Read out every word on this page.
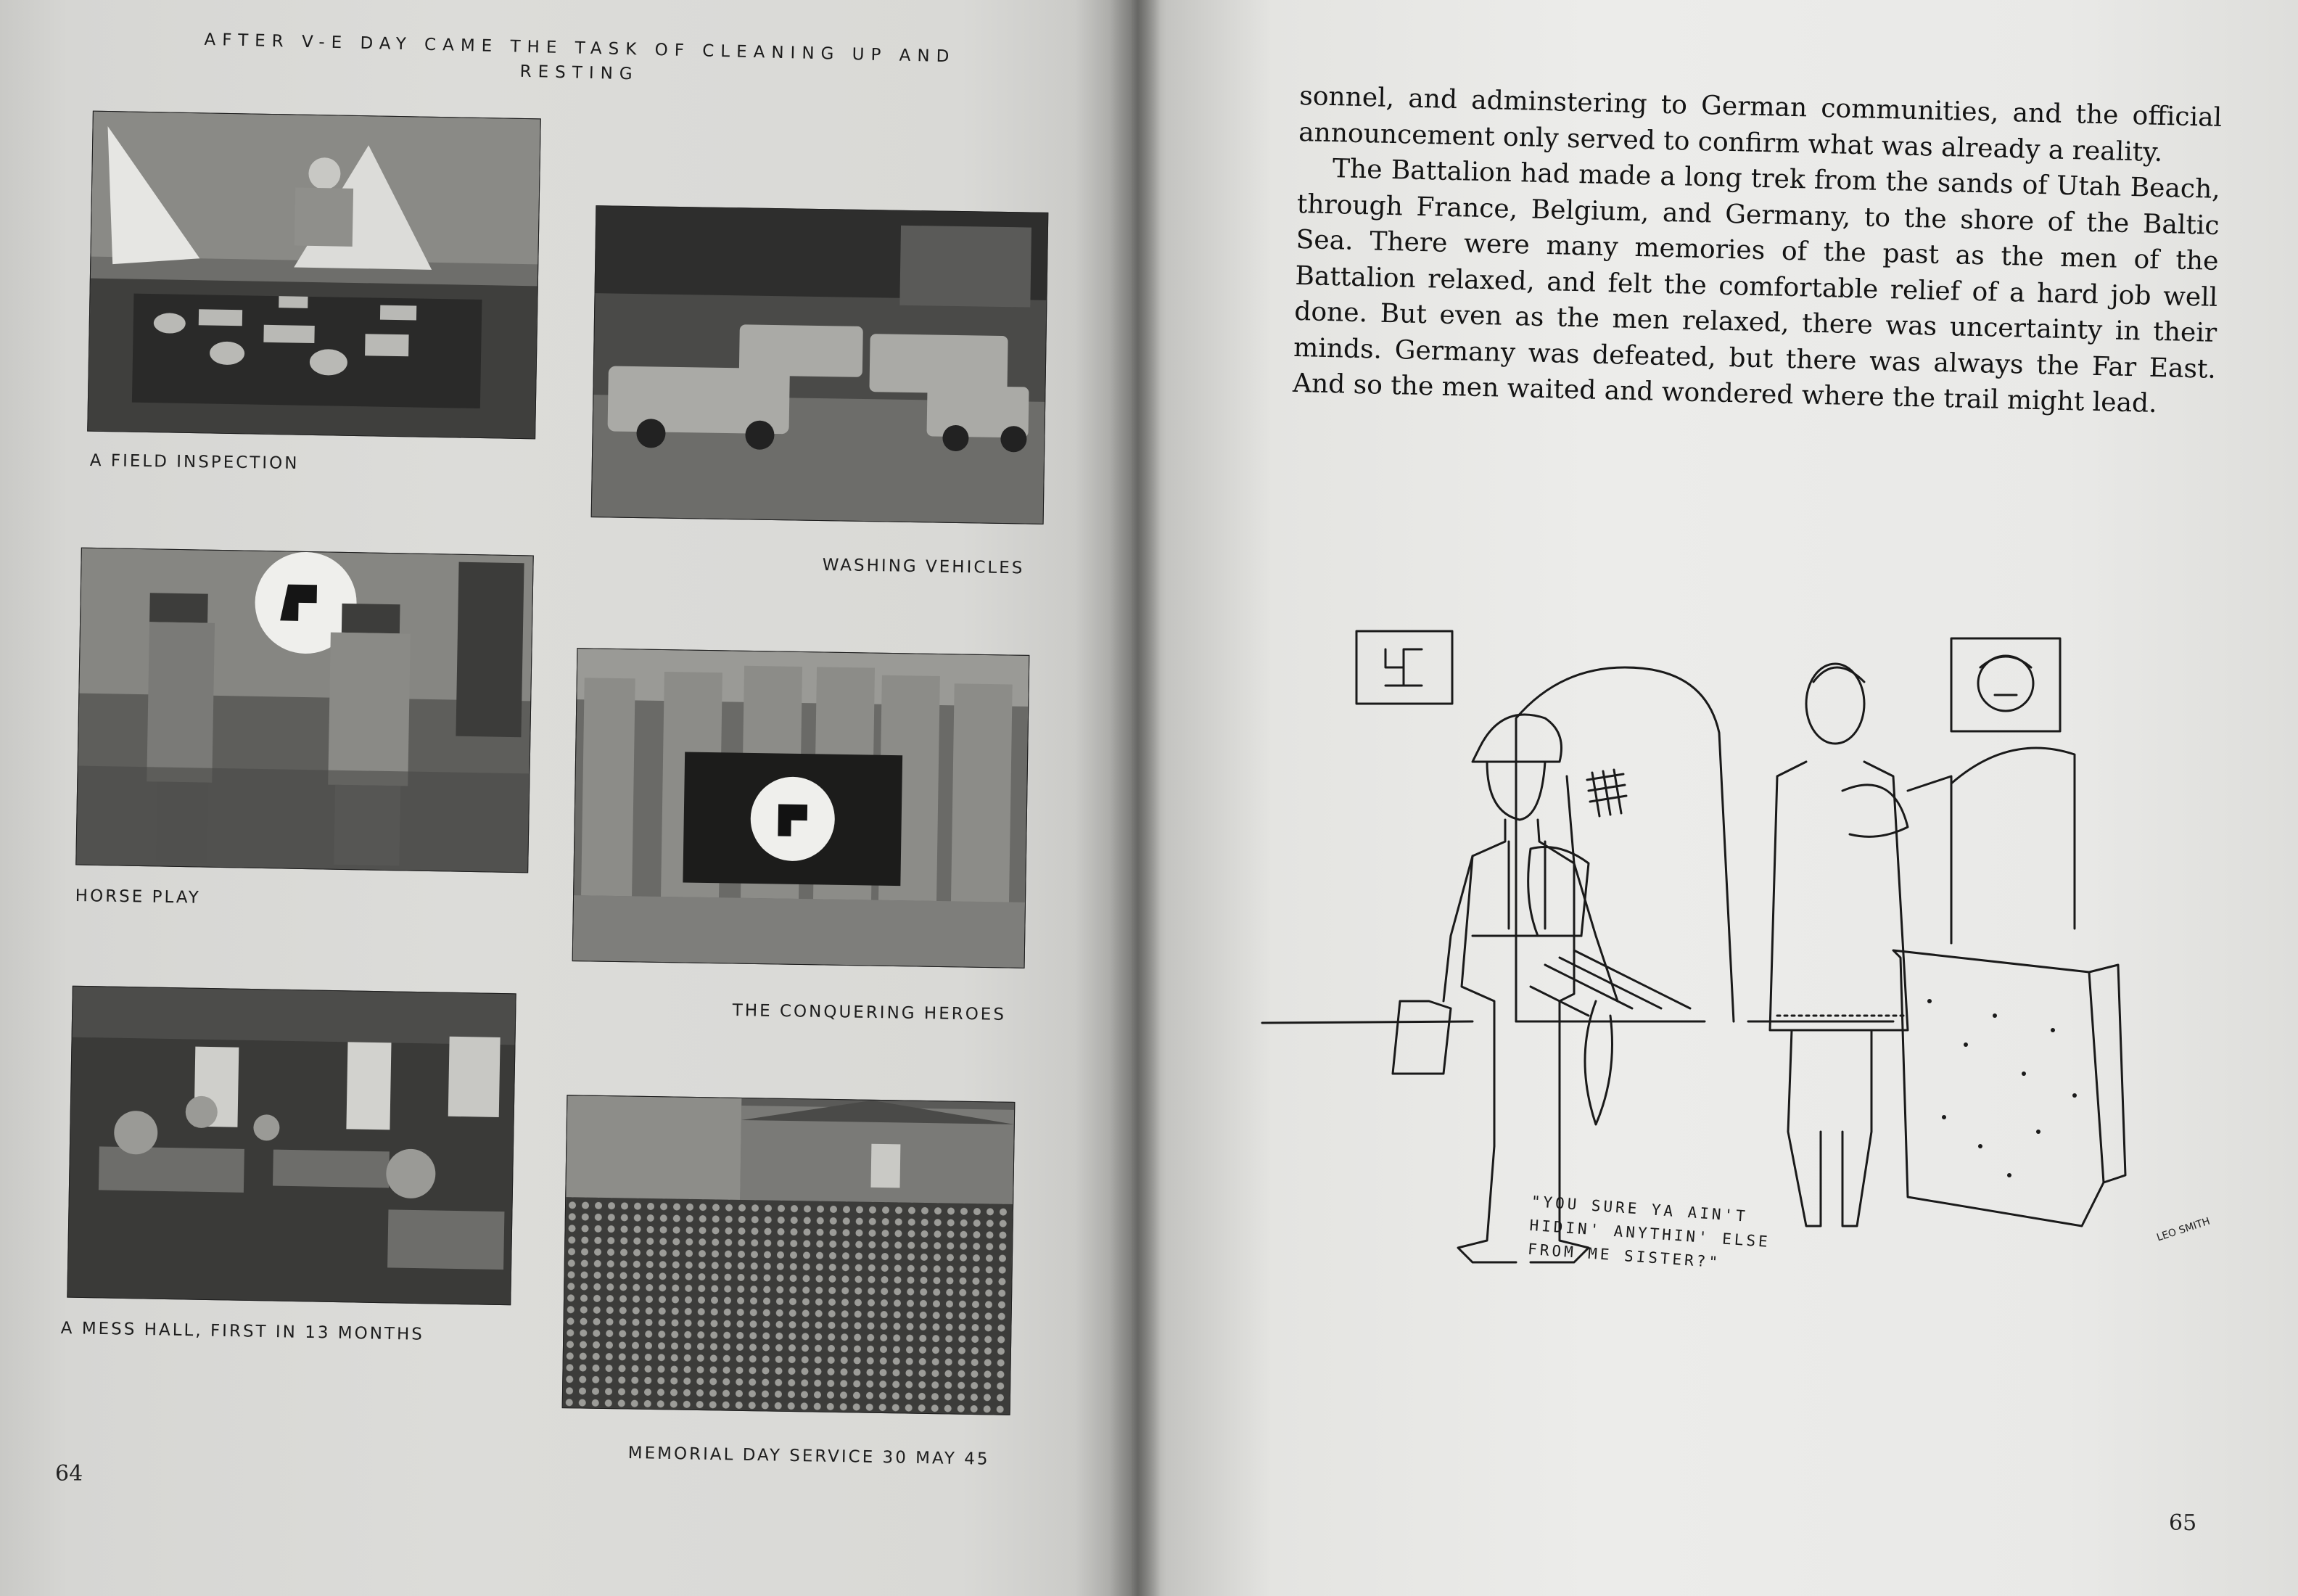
AFTER V-E DAY CAME THE TASK OF CLEANING UP AND RESTING
A FIELD INSPECTION
WASHING VEHICLES
HORSE PLAY
THE CONQUERING HEROES
A MESS HALL, FIRST IN 13 MONTHS
MEMORIAL DAY SERVICE 30 MAY 45
64

sonnel, and adminstering to German communities, and the official announcement only served to confirm what was already a reality.

The Battalion had made a long trek from the sands of Utah Beach, through France, Belgium, and Germany, to the shore of the Baltic Sea. There were many memories of the past as the men of the Battalion relaxed, and felt the comfortable relief of a hard job well done. But even as the men relaxed, there was uncertainty in their minds. Germany was defeated, but there was always the Far East. And so the men waited and wondered where the trail might lead.

"YOU SURE YA AIN'T
HIDIN' ANYTHIN' ELSE
FROM ME SISTER?"
LEO SMITH
65
